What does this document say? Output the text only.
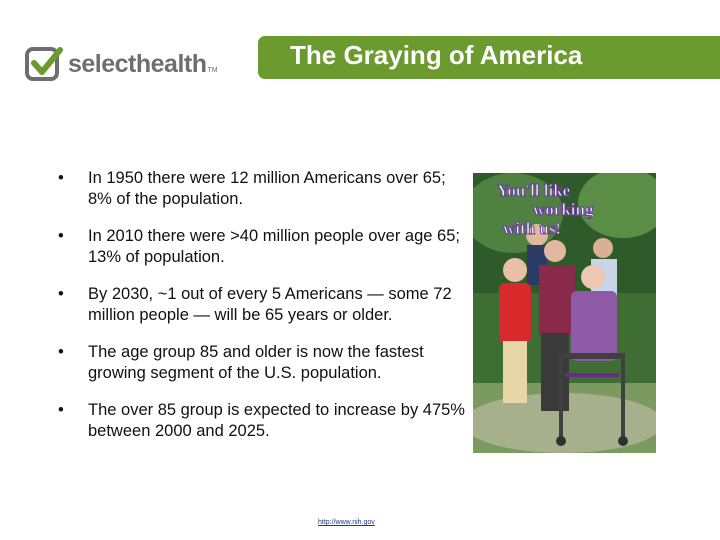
selecthealth TM
The Graying of America
• In 1950 there were 12 million Americans over 65; 8% of the population.
• In 2010 there were >40 million people over age 65; 13% of population.
• By 2030, ~1 out of every 5 Americans — some 72 million people — will be 65 years or older.
• The age group 85 and older is now the fastest growing segment of the U.S. population.
• The over 85 group is expected to increase by 475% between 2000 and 2025.
You'll like
working
with us!
http://www.nih.gov
